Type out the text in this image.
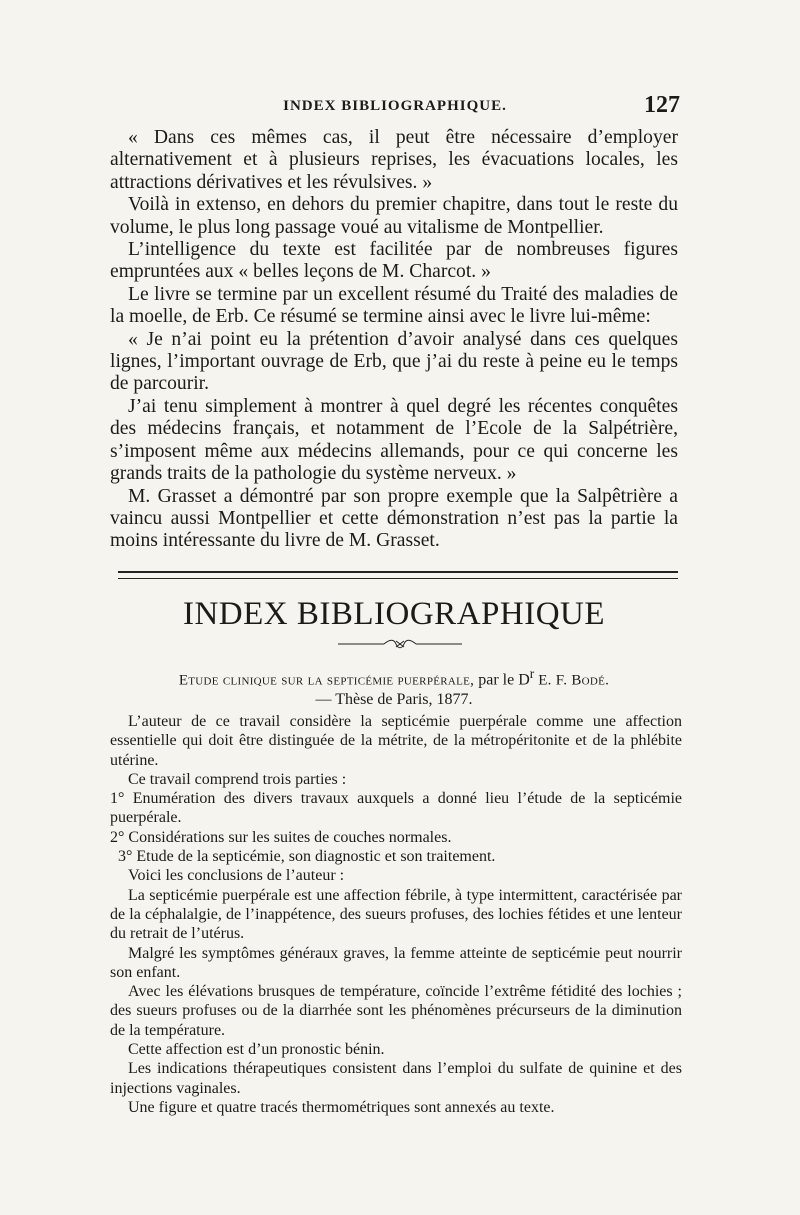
INDEX BIBLIOGRAPHIQUE.	127

« Dans ces mêmes cas, il peut être nécessaire d’employer alternativement et à plusieurs reprises, les évacuations locales, les attractions dérivatives et les révulsives. »

Voilà in extenso, en dehors du premier chapitre, dans tout le reste du volume, le plus long passage voué au vitalisme de Montpellier.

L’intelligence du texte est facilitée par de nombreuses figures empruntées aux « belles leçons de M. Charcot. »

Le livre se termine par un excellent résumé du Traité des maladies de la moelle, de Erb. Ce résumé se termine ainsi avec le livre lui-même:

« Je n’ai point eu la prétention d’avoir analysé dans ces quelques lignes, l’important ouvrage de Erb, que j’ai du reste à peine eu le temps de parcourir.

J’ai tenu simplement à montrer à quel degré les récentes conquêtes des médecins français, et notamment de l’Ecole de la Salpétrière, s’imposent même aux médecins allemands, pour ce qui concerne les grands traits de la pathologie du système nerveux. »

M. Grasset a démontré par son propre exemple que la Salpêtrière a vaincu aussi Montpellier et cette démonstration n’est pas la partie la moins intéressante du livre de M. Grasset.

INDEX BIBLIOGRAPHIQUE
Etude clinique sur la septicémie puerpérale, par le $D^r$ E. F. Bodé.
— Thèse de Paris, 1877.

L’auteur de ce travail considère la septicémie puerpérale comme une affection essentielle qui doit être distinguée de la métrite, de la métropéritonite et de la phlébite utérine.

Ce travail comprend trois parties :

1° Enumération des divers travaux auxquels a donné lieu l’étude de la septicémie puerpérale.

2° Considérations sur les suites de couches normales.

3° Etude de la septicémie, son diagnostic et son traitement.

Voici les conclusions de l’auteur :

La septicémie puerpérale est une affection fébrile, à type intermittent, caractérisée par de la céphalalgie, de l’inappétence, des sueurs profuses, des lochies fétides et une lenteur du retrait de l’utérus.

Malgré les symptômes généraux graves, la femme atteinte de septicémie peut nourrir son enfant.

Avec les élévations brusques de température, coïncide l’extrême fétidité des lochies ; des sueurs profuses ou de la diarrhée sont les phénomènes précurseurs de la diminution de la température.

Cette affection est d’un pronostic bénin.

Les indications thérapeutiques consistent dans l’emploi du sulfate de quinine et des injections vaginales.

Une figure et quatre tracés thermométriques sont annexés au texte.
